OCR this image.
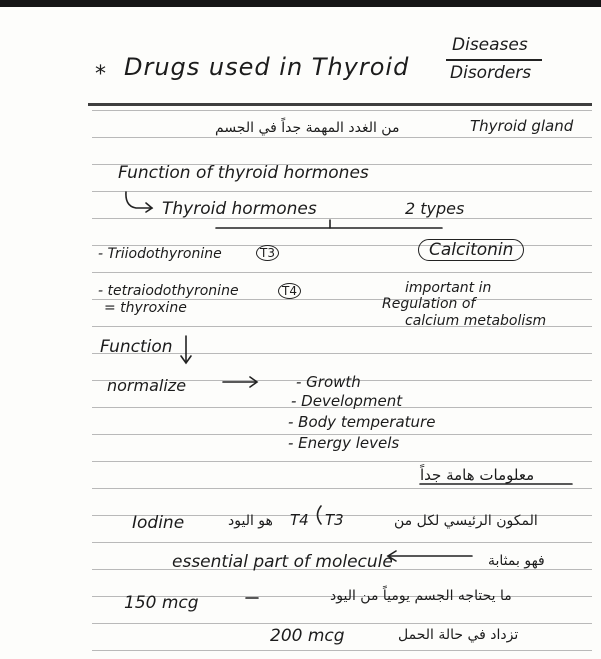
* Drugs used in Thyroid
Diseases
Disorders
من الغدد المهمة جداً في الجسم	Thyroid gland
Function of thyroid hormones
Thyroid hormones	2 types
- Triiodothyronine	T3	Calcitonin
- tetraiodothyronine	T4
= thyroxine
important in
Regulation of
calcium metabolism
Function
normalize	- Growth
- Development
- Body temperature
- Energy levels
معلومات هامة جداً
Iodine	هو اليود T4 T3	المكون الرئيسي لكل من
essential part of molecule	فهو بمثابة
150 mcg	ما يحتاجه الجسم يومياً من اليود
200 mcg	تزداد في حالة الحمل
